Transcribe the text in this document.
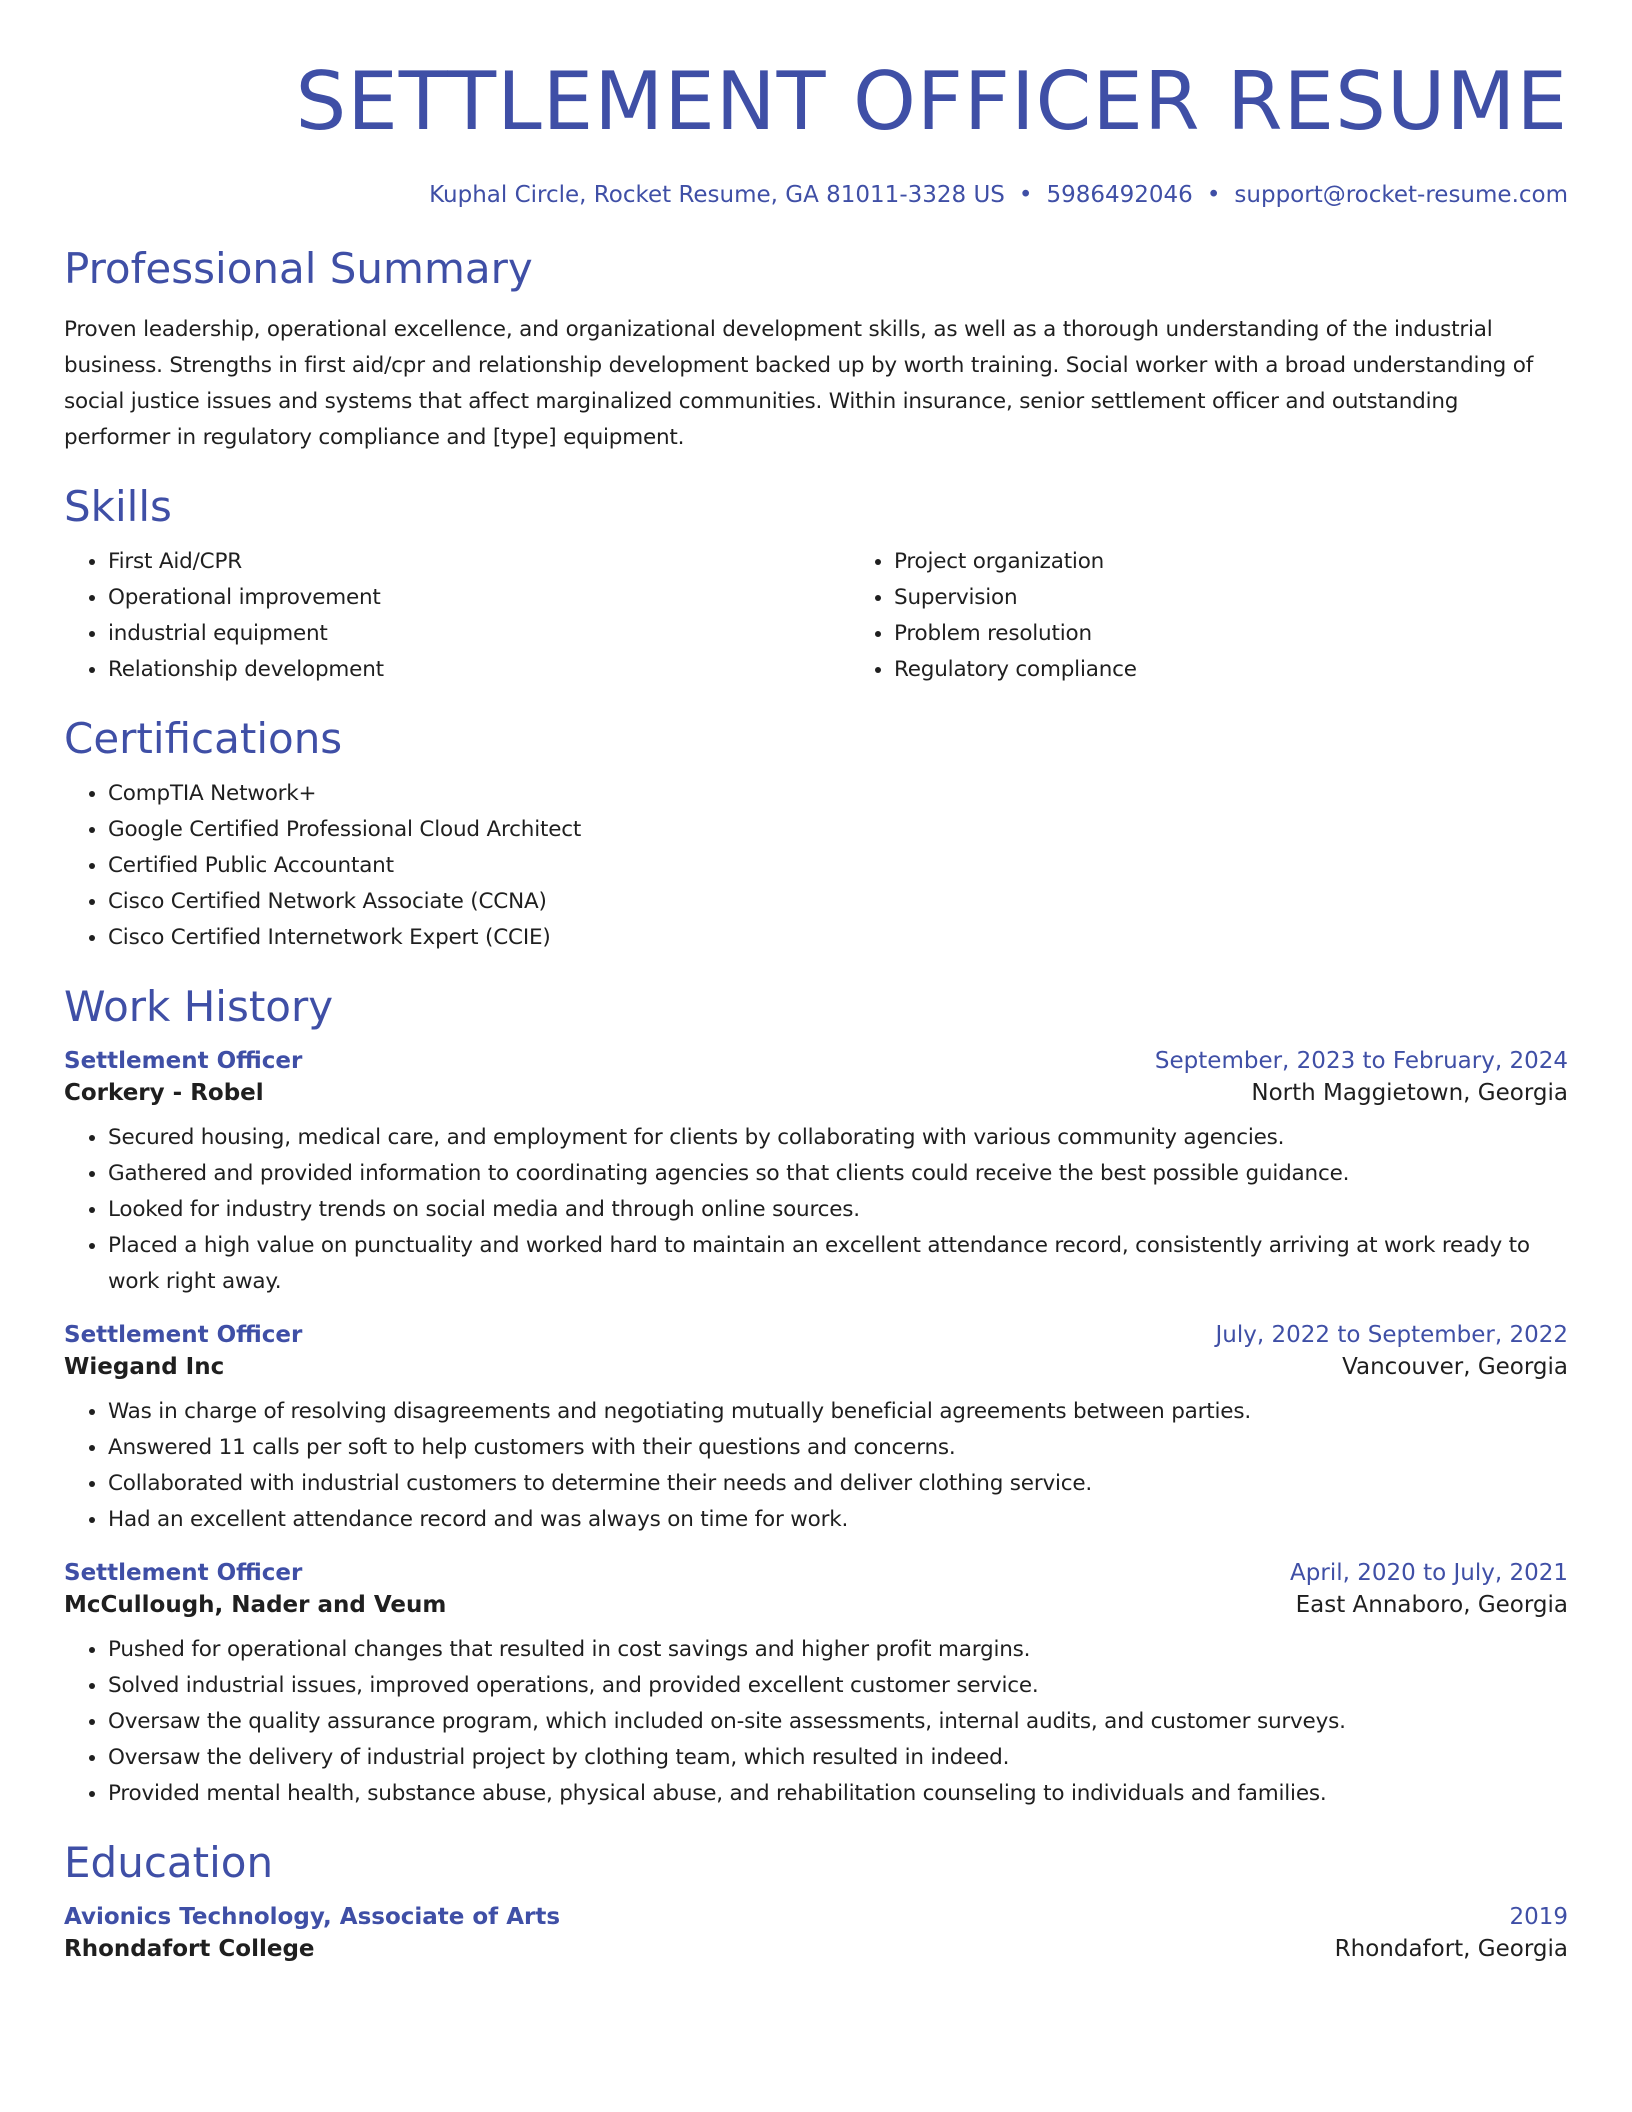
SETTLEMENT OFFICER RESUME
Kuphal Circle, Rocket Resume, GA 81011-3328 US • 5986492046 • support@rocket-resume.com
Professional Summary

Proven leadership, operational excellence, and organizational development skills, as well as a thorough understanding of the industrial business. Strengths in first aid/cpr and relationship development backed up by worth training. Social worker with a broad understanding of social justice issues and systems that affect marginalized communities. Within insurance, senior settlement officer and outstanding performer in regulatory compliance and [type] equipment.

Skills
• First Aid/CPR
• Operational improvement
• industrial equipment
• Relationship development
• Project organization
• Supervision
• Problem resolution
• Regulatory compliance
Certifications
• CompTIA Network+
• Google Certified Professional Cloud Architect
• Certified Public Accountant
• Cisco Certified Network Associate (CCNA)
• Cisco Certified Internetwork Expert (CCIE)
Work History
Settlement Officer	September, 2023 to February, 2024
Corkery - Robel	North Maggietown, Georgia
• Secured housing, medical care, and employment for clients by collaborating with various community agencies.
• Gathered and provided information to coordinating agencies so that clients could receive the best possible guidance.
• Looked for industry trends on social media and through online sources.
• Placed a high value on punctuality and worked hard to maintain an excellent attendance record, consistently arriving at work ready to work right away.
Settlement Officer	July, 2022 to September, 2022
Wiegand Inc	Vancouver, Georgia
• Was in charge of resolving disagreements and negotiating mutually beneficial agreements between parties.
• Answered 11 calls per soft to help customers with their questions and concerns.
• Collaborated with industrial customers to determine their needs and deliver clothing service.
• Had an excellent attendance record and was always on time for work.
Settlement Officer	April, 2020 to July, 2021
McCullough, Nader and Veum	East Annaboro, Georgia
• Pushed for operational changes that resulted in cost savings and higher profit margins.
• Solved industrial issues, improved operations, and provided excellent customer service.
• Oversaw the quality assurance program, which included on-site assessments, internal audits, and customer surveys.
• Oversaw the delivery of industrial project by clothing team, which resulted in indeed.
• Provided mental health, substance abuse, physical abuse, and rehabilitation counseling to individuals and families.
Education
Avionics Technology, Associate of Arts	2019
Rhondafort College	Rhondafort, Georgia
